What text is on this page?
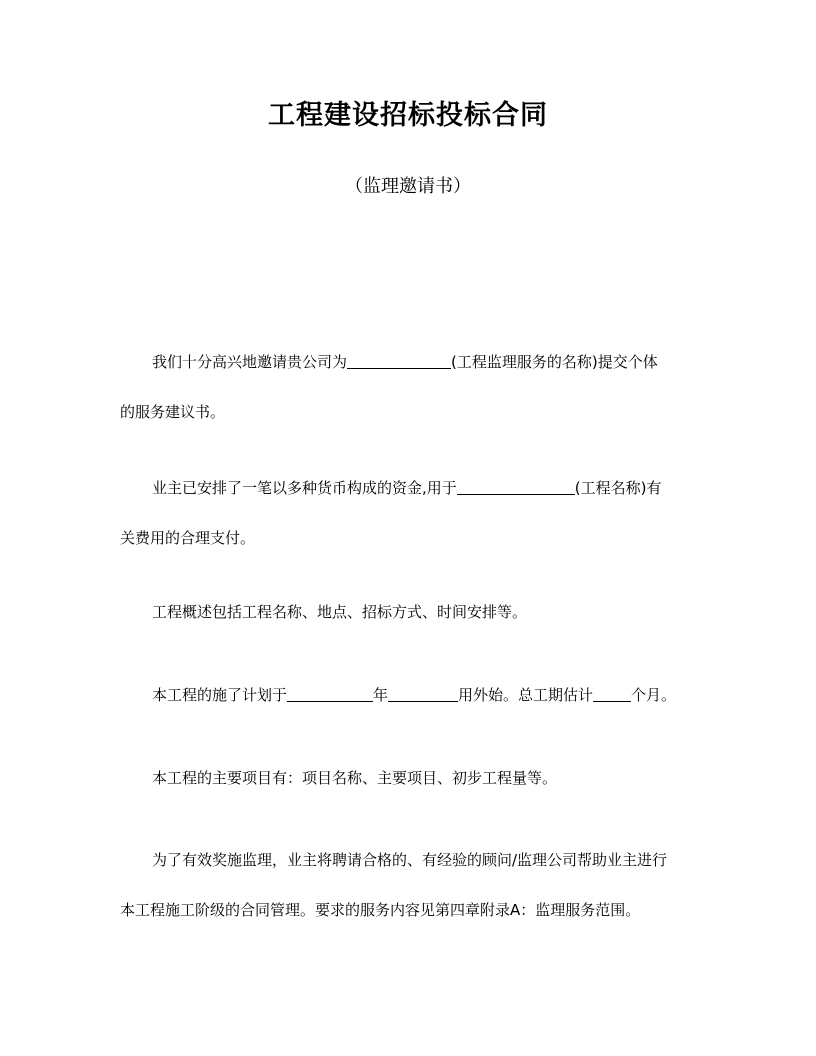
工程建设招标投标合同
（监理邀请书）
我们十分高兴地邀请贵公司为	(工程监理服务的名称)提交个体
的服务建议书。
业主已安排了一笔以多种货币构成的资金,用于	(工程名称)有
关费用的合理支付。
工程概述包括工程名称、地点、招标方式、时间安排等。
本工程的施了计划于	年	用外始。总工期估计	个月。
本工程的主要项目有：项目名称、主要项目、初步工程量等。
为了有效奖施监理，业主将聘请合格的、有经验的顾问/监理公司帮助业主进行
本工程施工阶级的合同管理。要求的服务内容见第四章附录A：监理服务范围。
